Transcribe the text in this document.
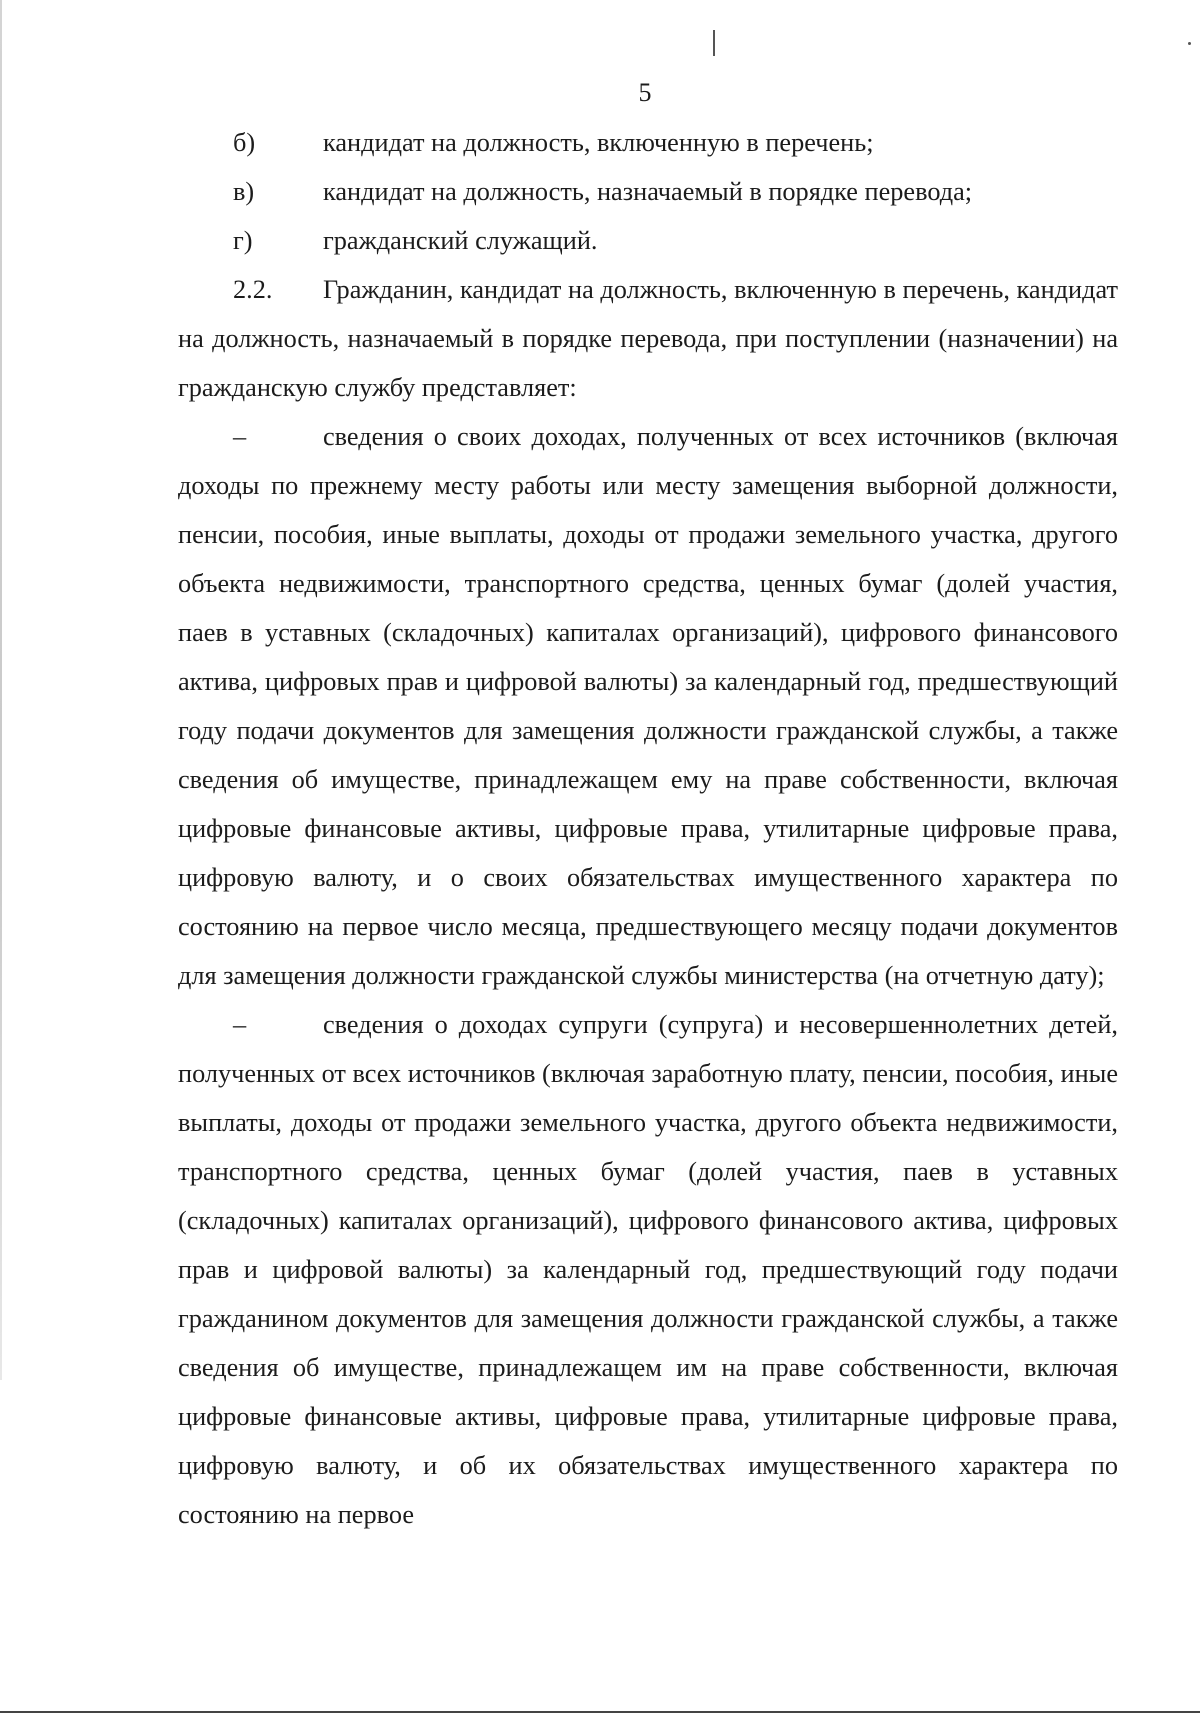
5
б)	кандидат на должность, включенную в перечень;
в)	кандидат на должность, назначаемый в порядке перевода;
г)	гражданский служащий.

2.2. Гражданин, кандидат на должность, включенную в перечень, кандидат на должность, назначаемый в порядке перевода, при поступлении (назначении) на гражданскую службу представляет:

–	сведения о своих доходах, полученных от всех источников (включая доходы по прежнему месту работы или месту замещения выборной должности, пенсии, пособия, иные выплаты, доходы от продажи земельного участка, другого объекта недвижимости, транспортного средства, ценных бумаг (долей участия, паев в уставных (складочных) капиталах организаций), цифрового финансового актива, цифровых прав и цифровой валюты) за календарный год, предшествующий году подачи документов для замещения должности гражданской службы, а также сведения об имуществе, принадлежащем ему на праве собственности, включая цифровые финансовые активы, цифровые права, утилитарные цифровые права, цифровую валюту, и о своих обязательствах имущественного характера по состоянию на первое число месяца, предшествующего месяцу подачи документов для замещения должности гражданской службы министерства (на отчетную дату);

–	сведения о доходах супруги (супруга) и несовершеннолетних детей, полученных от всех источников (включая заработную плату, пенсии, пособия, иные выплаты, доходы от продажи земельного участка, другого объекта недвижимости, транспортного средства, ценных бумаг (долей участия, паев в уставных (складочных) капиталах организаций), цифрового финансового актива, цифровых прав и цифровой валюты) за календарный год, предшествующий году подачи гражданином документов для замещения должности гражданской службы, а также сведения об имуществе, принадлежащем им на праве собственности, включая цифровые финансовые активы, цифровые права, утилитарные цифровые права, цифровую валюту, и об их обязательствах имущественного характера по состоянию на первое
